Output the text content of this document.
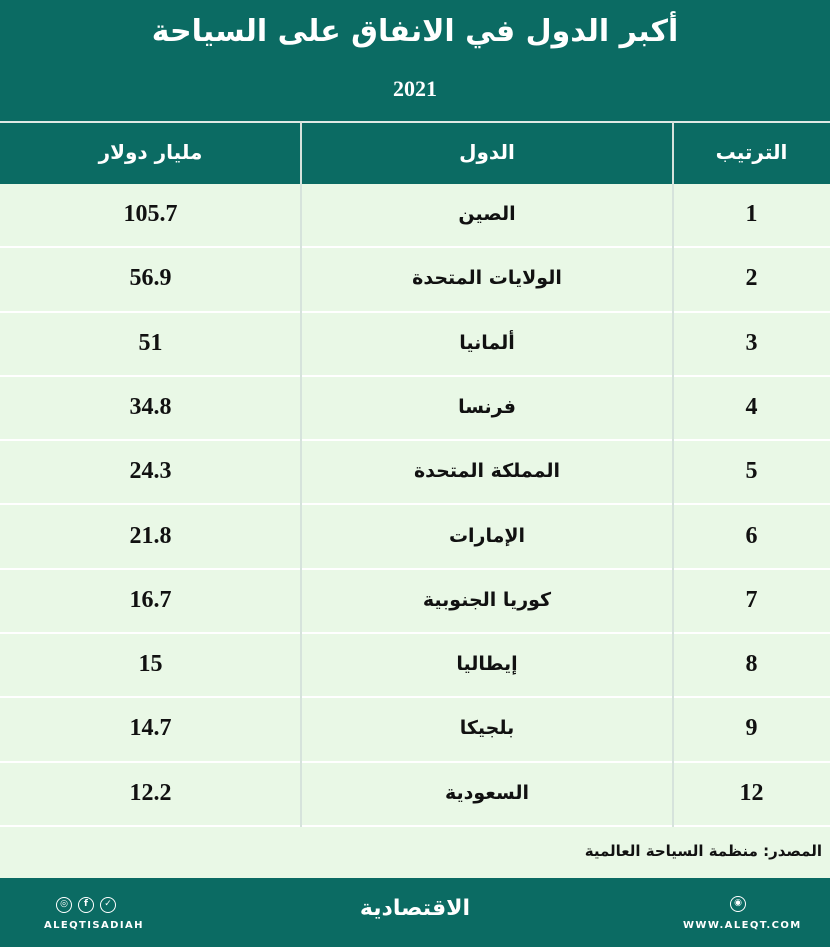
أكبر الدول في الانفاق على السياحة
2021
مليار دولار	الدول	الترتيب
105.7	الصين	1
56.9	الولايات المتحدة	2
51	ألمانيا	3
34.8	فرنسا	4
24.3	المملكة المتحدة	5
21.8	الإمارات	6
16.7	كوريا الجنوبية	7
15	إيطاليا	8
14.7	بلجيكا	9
12.2	السعودية	12
المصدر: منظمة السياحة العالمية
◎	f	✓
ALEQTISADIAH
الاقتصادية	◉
WWW.ALEQT.COM
